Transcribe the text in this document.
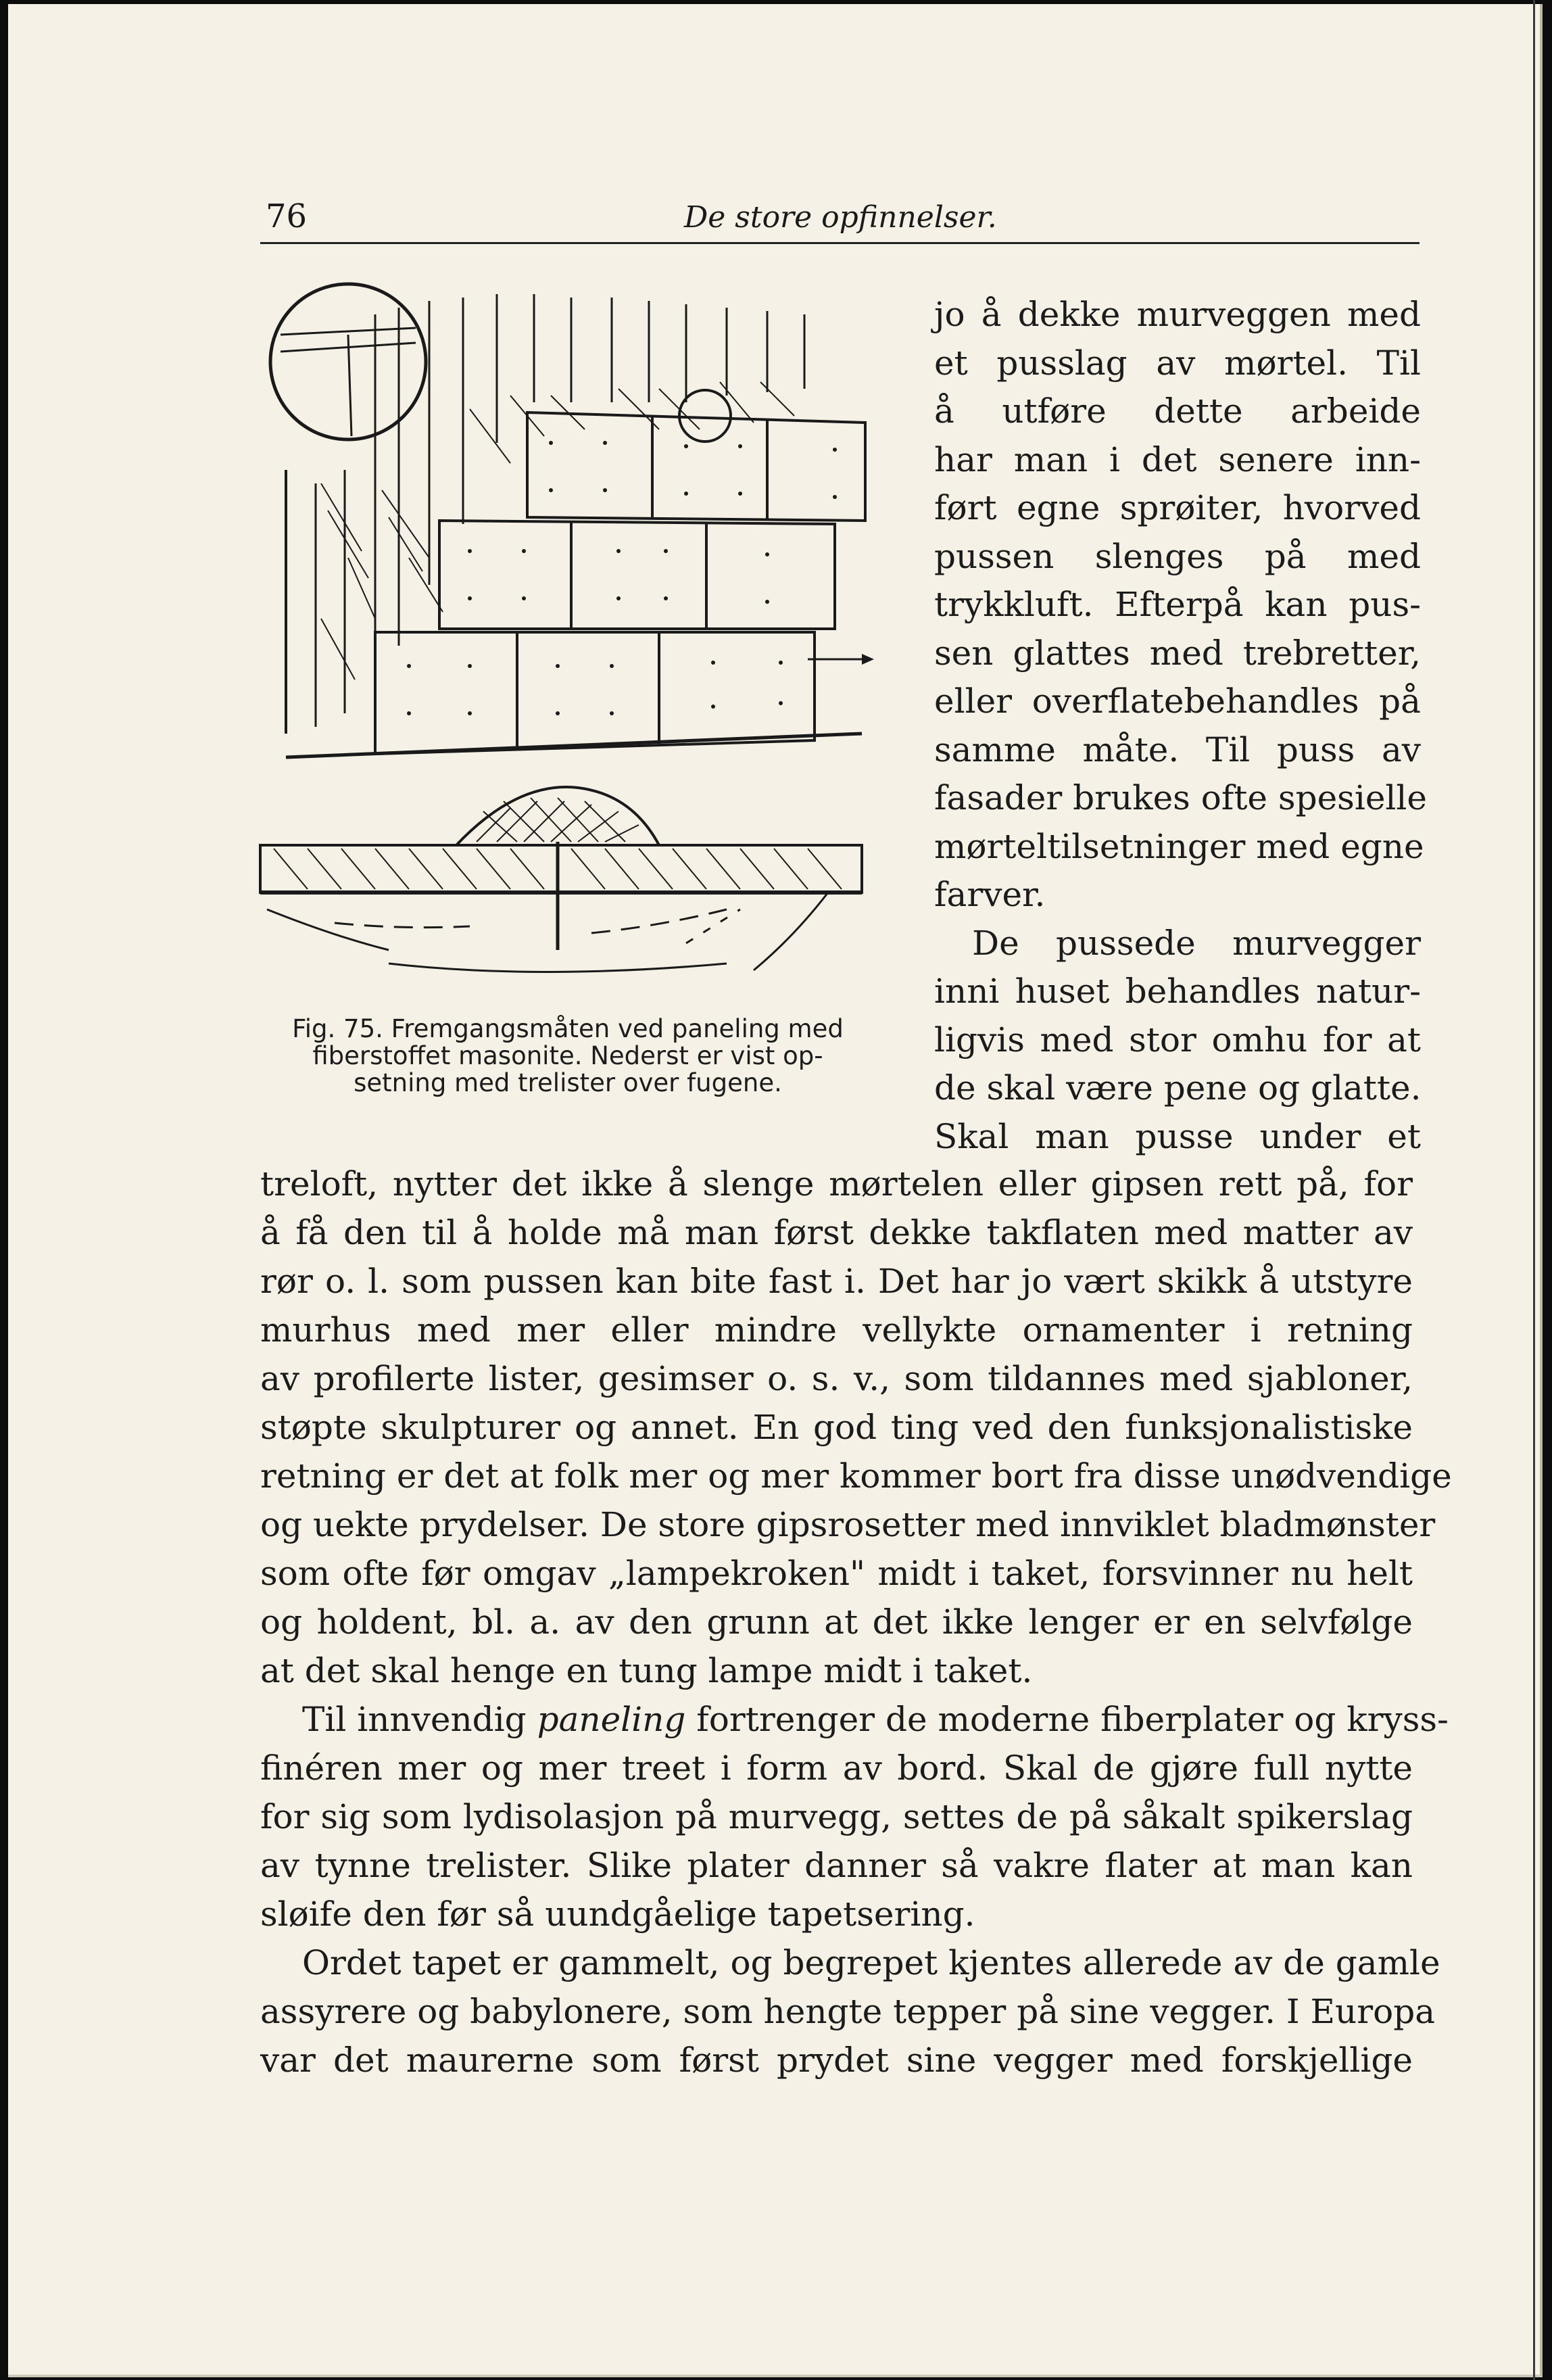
76	De store opfinnelser.
Fig. 75. Fremgangsmåten ved paneling med
fiberstoffet masonite. Nederst er vist op-
setning med trelister over fugene.
jo å dekke murveggen med
et pusslag av mørtel. Til
å utføre dette arbeide
har man i det senere inn-
ført egne sprøiter, hvorved
pussen slenges på med
trykkluft. Efterpå kan pus-
sen glattes med trebretter,
eller overflatebehandles på
samme måte. Til puss av
fasader brukes ofte spesielle
mørteltilsetninger med egne
farver.
De pussede murvegger
inni huset behandles natur-
ligvis med stor omhu for at
de skal være pene og glatte.
Skal man pusse under et
treloft, nytter det ikke å slenge mørtelen eller gipsen rett på, for
å få den til å holde må man først dekke takflaten med matter av
rør o. l. som pussen kan bite fast i. Det har jo vært skikk å utstyre
murhus med mer eller mindre vellykte ornamenter i retning
av profilerte lister, gesimser o. s. v., som tildannes med sjabloner,
støpte skulpturer og annet. En god ting ved den funksjonalistiske
retning er det at folk mer og mer kommer bort fra disse unødvendige
og uekte prydelser. De store gipsrosetter med innviklet bladmønster
som ofte før omgav „lampekroken" midt i taket, forsvinner nu helt
og holdent, bl. a. av den grunn at det ikke lenger er en selvfølge
at det skal henge en tung lampe midt i taket.
Til innvendig paneling fortrenger de moderne fiberplater og kryss-
finéren mer og mer treet i form av bord. Skal de gjøre full nytte
for sig som lydisolasjon på murvegg, settes de på såkalt spikerslag
av tynne trelister. Slike plater danner så vakre flater at man kan
sløife den før så uundgåelige tapetsering.
Ordet tapet er gammelt, og begrepet kjentes allerede av de gamle
assyrere og babylonere, som hengte tepper på sine vegger. I Europa
var det maurerne som først prydet sine vegger med forskjellige
